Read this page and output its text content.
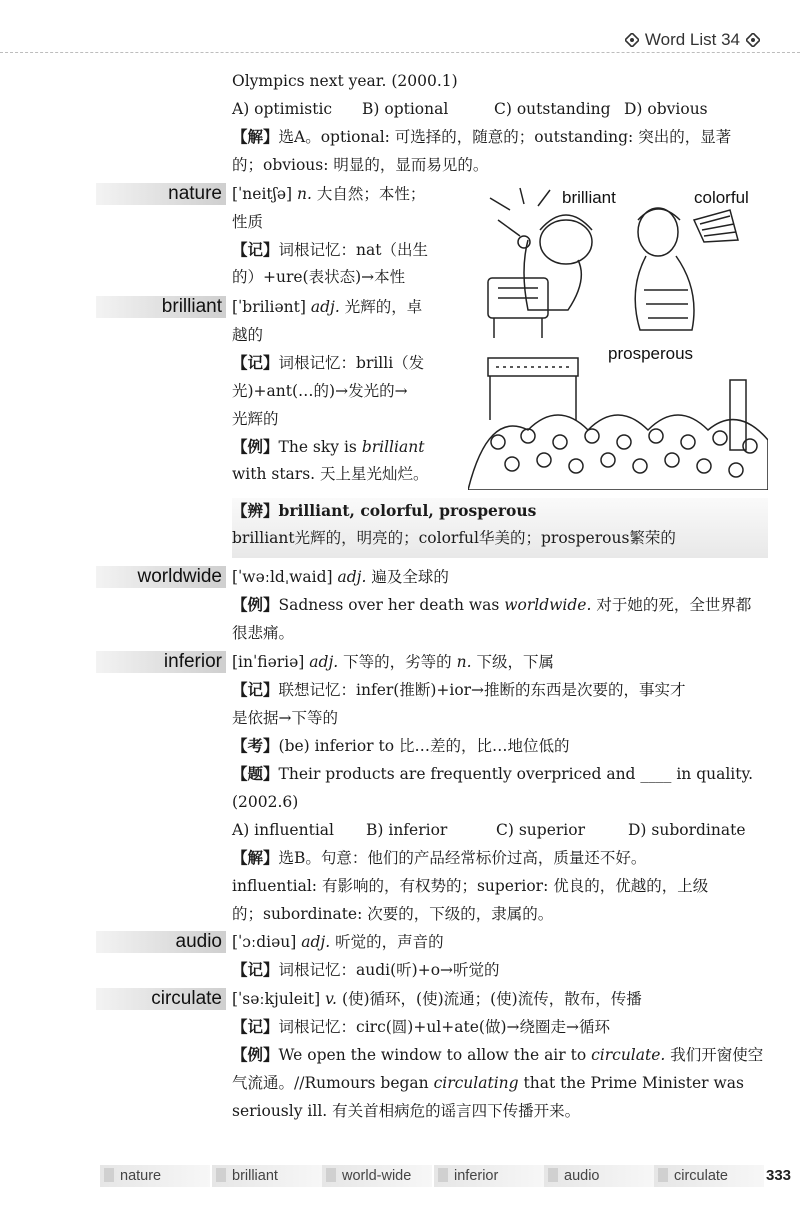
Word List 34
Olympics next year. (2000.1)
A) optimistic B) optional	C) outstanding D) obvious
【解】选A。optional: 可选择的，随意的；outstanding: 突出的，显著
的；obvious: 明显的，显而易见的。
nature [ˈneitʃə] n. 大自然；本性；
性质
【记】词根记忆：nat（出生
的）+ure(表状态)→本性
brilliant [ˈbriliənt] adj. 光辉的，卓
越的
【记】词根记忆：brilli（发
光)+ant(…的)→发光的→
光辉的
【例】The sky is brilliant
with stars. 天上星光灿烂。
brilliant	colorful
prosperous
【辨】brilliant, colorful, prosperous
brilliant光辉的，明亮的；colorful华美的；prosperous繁荣的
worldwide [ˈwəːldˌwaid] adj. 遍及全球的
【例】Sadness over her death was worldwide. 对于她的死，全世界都
很悲痛。
inferior [inˈfiəriə] adj. 下等的，劣等的 n. 下级，下属
【记】联想记忆：infer(推断)+ior→推断的东西是次要的，事实才
是依据→下等的
【考】(be) inferior to 比…差的，比…地位低的
【题】Their products are frequently overpriced and ____ in quality.
(2002.6)
A) influential B) inferior	C) superior	D) subordinate
【解】选B。句意：他们的产品经常标价过高，质量还不好。
influential: 有影响的，有权势的；superior: 优良的，优越的，上级
的；subordinate: 次要的，下级的，隶属的。
audio [ˈɔːdiəu] adj. 听觉的，声音的
【记】词根记忆：audi(听)+o→听觉的
circulate [ˈsəːkjuleit] v. (使)循环，(使)流通；(使)流传，散布，传播
【记】词根记忆：circ(圆)+ul+ate(做)→绕圈走→循环
【例】We open the window to allow the air to circulate. 我们开窗使空
气流通。//Rumours began circulating that the Prime Minister was
seriously ill. 有关首相病危的谣言四下传播开来。
nature	brilliant	world-wide	inferior	audio	circulate	333
